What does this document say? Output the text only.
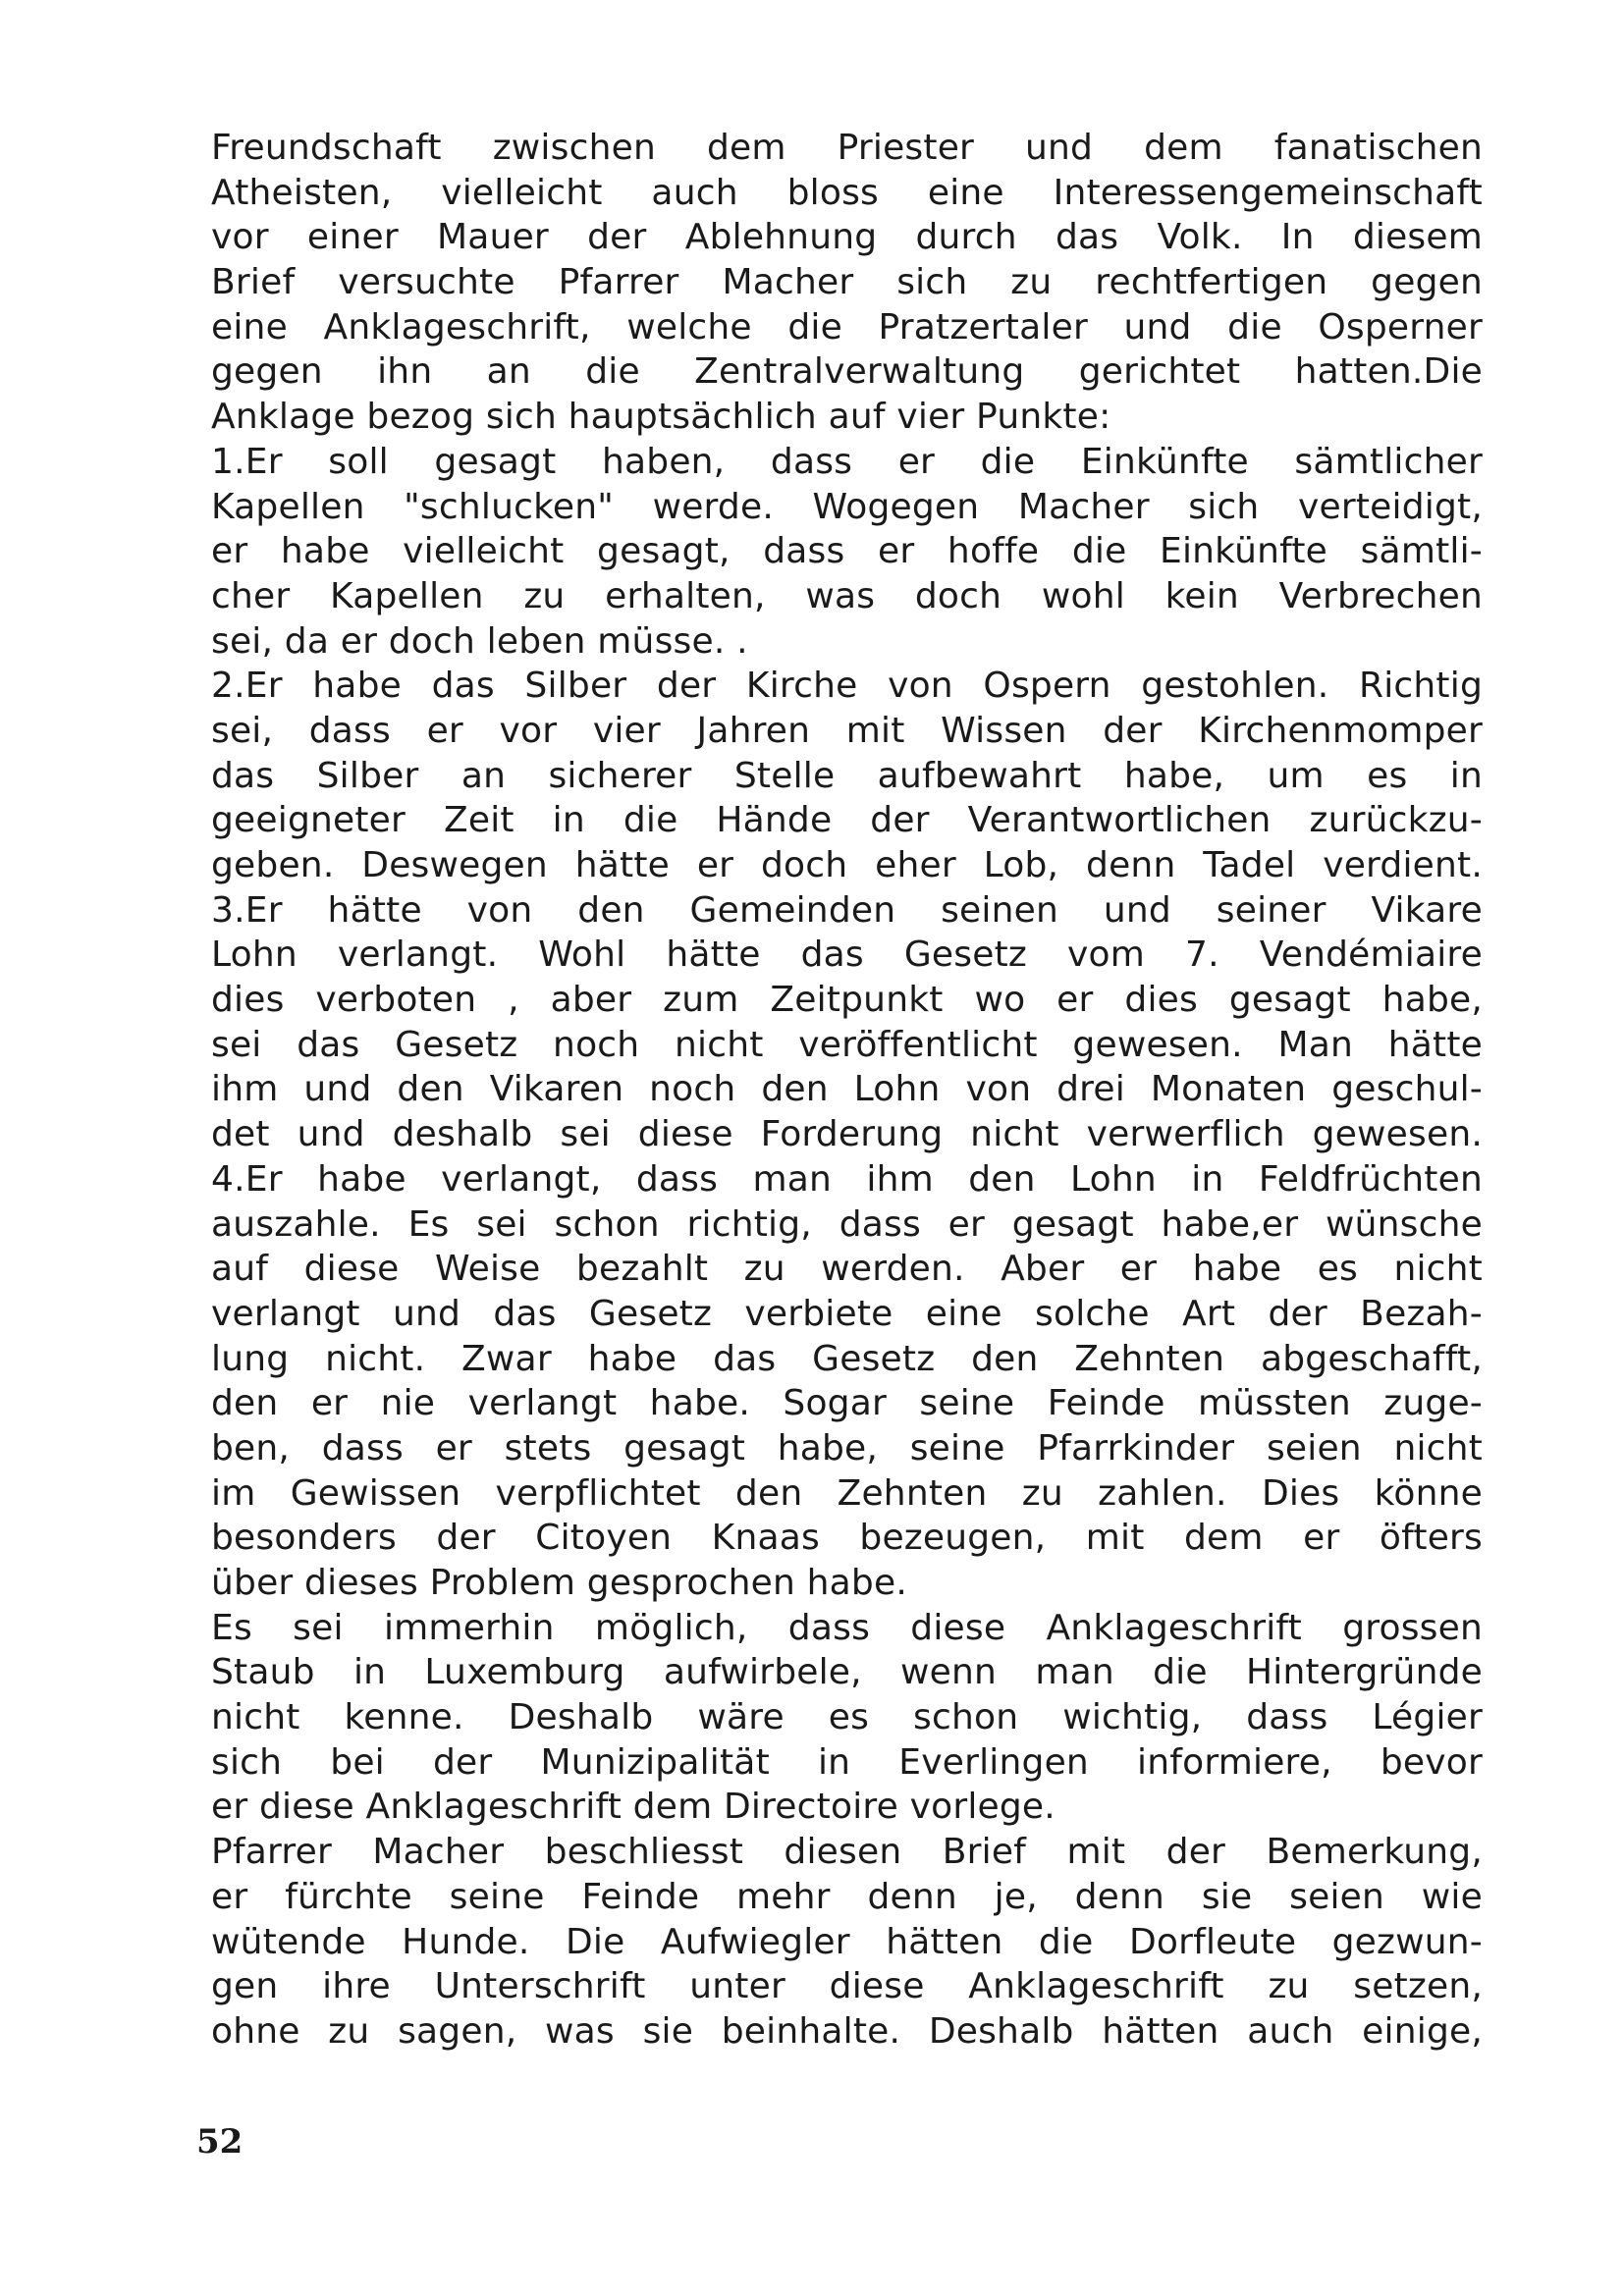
Freundschaft zwischen dem Priester und dem fanatischen
Atheisten, vielleicht auch bloss eine Interessengemeinschaft
vor einer Mauer der Ablehnung durch das Volk. In diesem
Brief versuchte Pfarrer Macher sich zu rechtfertigen gegen
eine Anklageschrift, welche die Pratzertaler und die Osperner
gegen ihn an die Zentralverwaltung gerichtet hatten.Die
Anklage bezog sich hauptsächlich auf vier Punkte:
1.Er soll gesagt haben, dass er die Einkünfte sämtlicher
Kapellen "schlucken" werde. Wogegen Macher sich verteidigt,
er habe vielleicht gesagt, dass er hoffe die Einkünfte sämtli-
cher Kapellen zu erhalten, was doch wohl kein Verbrechen
sei, da er doch leben müsse. .
2.Er habe das Silber der Kirche von Ospern gestohlen. Richtig
sei, dass er vor vier Jahren mit Wissen der Kirchenmomper
das Silber an sicherer Stelle aufbewahrt habe, um es in
geeigneter Zeit in die Hände der Verantwortlichen zurückzu-
geben. Deswegen hätte er doch eher Lob, denn Tadel verdient.
3.Er hätte von den Gemeinden seinen und seiner Vikare
Lohn verlangt. Wohl hätte das Gesetz vom 7. Vendémiaire
dies verboten , aber zum Zeitpunkt wo er dies gesagt habe,
sei das Gesetz noch nicht veröffentlicht gewesen. Man hätte
ihm und den Vikaren noch den Lohn von drei Monaten geschul-
det und deshalb sei diese Forderung nicht verwerflich gewesen.
4.Er habe verlangt, dass man ihm den Lohn in Feldfrüchten
auszahle. Es sei schon richtig, dass er gesagt habe,er wünsche
auf diese Weise bezahlt zu werden. Aber er habe es nicht
verlangt und das Gesetz verbiete eine solche Art der Bezah-
lung nicht. Zwar habe das Gesetz den Zehnten abgeschafft,
den er nie verlangt habe. Sogar seine Feinde müssten zuge-
ben, dass er stets gesagt habe, seine Pfarrkinder seien nicht
im Gewissen verpflichtet den Zehnten zu zahlen. Dies könne
besonders der Citoyen Knaas bezeugen, mit dem er öfters
über dieses Problem gesprochen habe.
Es sei immerhin möglich, dass diese Anklageschrift grossen
Staub in Luxemburg aufwirbele, wenn man die Hintergründe
nicht kenne. Deshalb wäre es schon wichtig, dass Légier
sich bei der Munizipalität in Everlingen informiere, bevor
er diese Anklageschrift dem Directoire vorlege.
Pfarrer Macher beschliesst diesen Brief mit der Bemerkung,
er fürchte seine Feinde mehr denn je, denn sie seien wie
wütende Hunde. Die Aufwiegler hätten die Dorfleute gezwun-
gen ihre Unterschrift unter diese Anklageschrift zu setzen,
ohne zu sagen, was sie beinhalte. Deshalb hätten auch einige,
52
